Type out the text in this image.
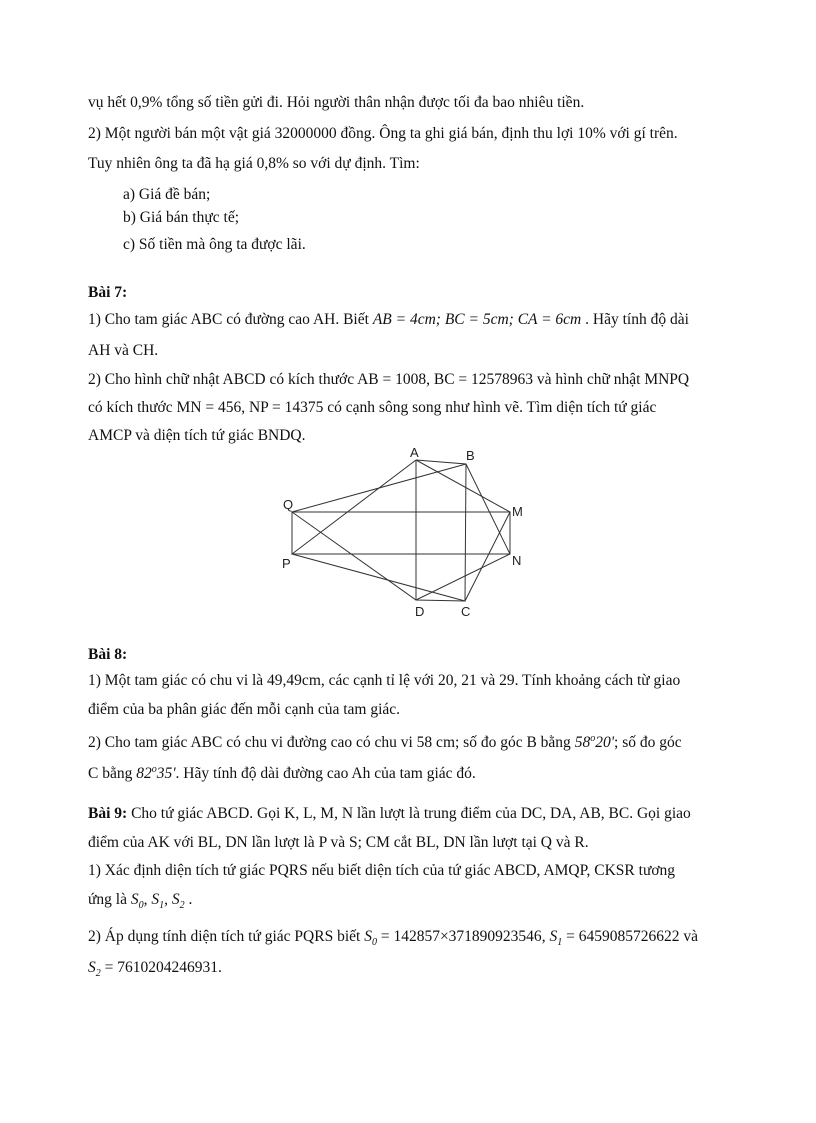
vụ hết 0,9% tổng số tiền gửi đi. Hỏi người thân nhận được tối đa bao nhiêu tiền.
2) Một người bán một vật giá 32000000 đồng. Ông ta ghi giá bán, định thu lợi 10% với gí trên.
Tuy nhiên ông ta đã hạ giá 0,8% so với dự định. Tìm:
a) Giá đề bán;
b) Giá bán thực tế;
c) Số tiền mà ông ta được lãi.
Bài 7:
1) Cho tam giác ABC có đường cao AH. Biết AB = 4cm; BC = 5cm; CA = 6cm . Hãy tính độ dài
AH và CH.
2) Cho hình chữ nhật ABCD có kích thước AB = 1008, BC = 12578963 và hình chữ nhật MNPQ
có kích thước MN = 456, NP = 14375 có cạnh sông song như hình vẽ. Tìm diện tích tứ giác
AMCP và diện tích tứ giác BNDQ.
A	B
C
D
M
N
P
Q
Bài 8:
1) Một tam giác có chu vi là 49,49cm, các cạnh tỉ lệ với 20, 21 và 29. Tính khoảng cách từ giao
điểm của ba phân giác đến mỗi cạnh của tam giác.
2) Cho tam giác ABC có chu vi đường cao có chu vi 58 cm; số đo góc B bằng 58$^o$20'; số đo góc
C bằng 82$^o$35'. Hãy tính độ dài đường cao Ah của tam giác đó.
Bài 9: Cho tứ giác ABCD. Gọi K, L, M, N lần lượt là trung điểm của DC, DA, AB, BC. Gọi giao
điểm của AK với BL, DN lần lượt là P và S; CM cắt BL, DN lần lượt tại Q và R.
1) Xác định diện tích tứ giác PQRS nếu biết diện tích của tứ giác ABCD, AMQP, CKSR tương
ứng là $S_0$, $S_1$, $S_2$ .
2) Áp dụng tính diện tích tứ giác PQRS biết $S_0 = 142857\times 371890923546$, $S_1 = 6459085726622$ và
$S_2 = 7610204246931$.
